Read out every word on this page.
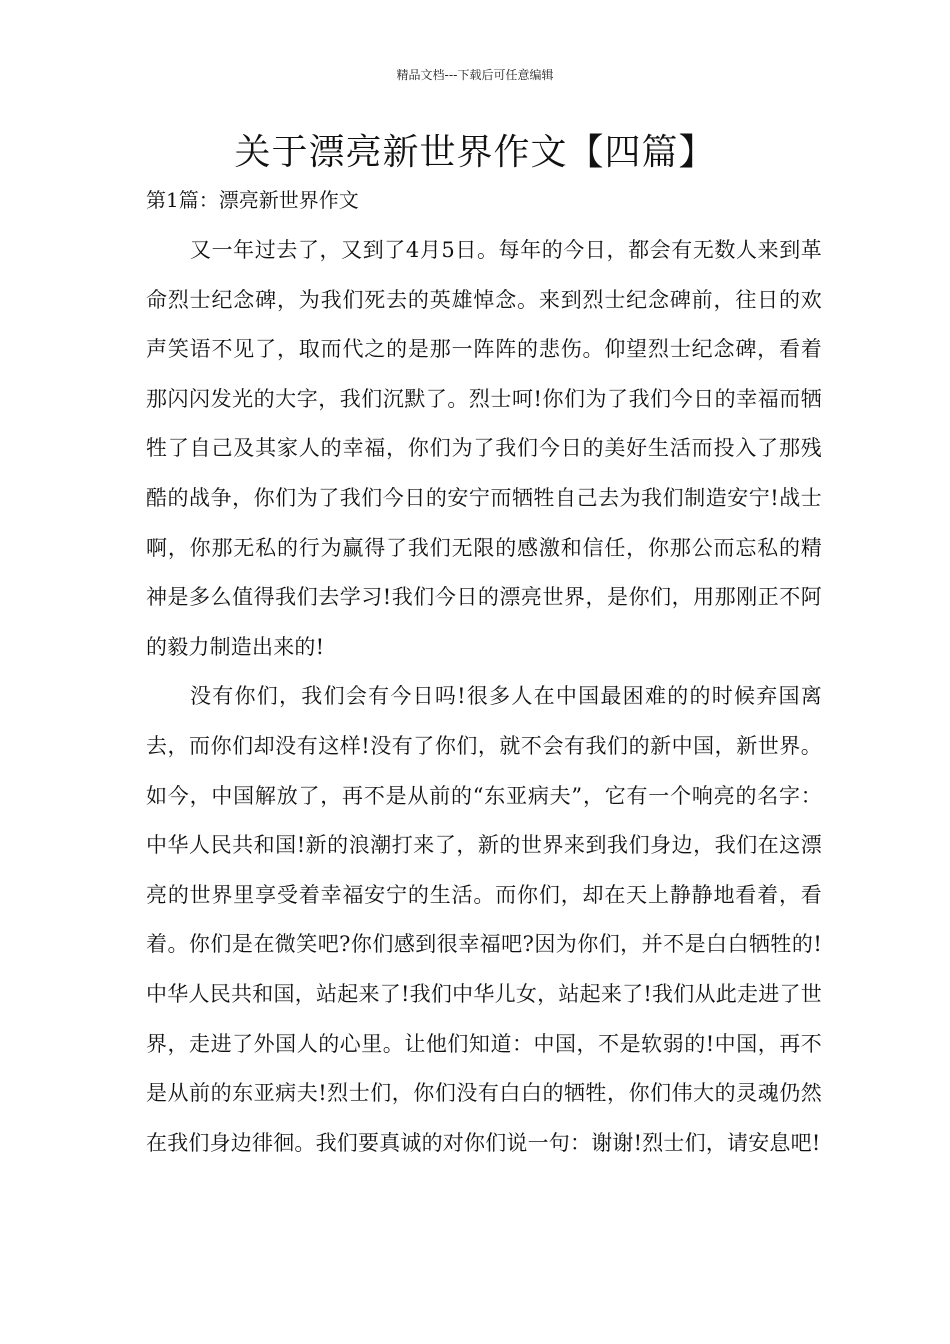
精品文档---下载后可任意编辑
关于漂亮新世界作文【四篇】
第1篇：漂亮新世界作文

又一年过去了，又到了4月5日。每年的今日，都会有无数人来到革命烈士纪念碑，为我们死去的英雄悼念。来到烈士纪念碑前，往日的欢声笑语不见了，取而代之的是那一阵阵的悲伤。仰望烈士纪念碑，看着那闪闪发光的大字，我们沉默了。烈士呵!你们为了我们今日的幸福而牺牲了自己及其家人的幸福，你们为了我们今日的美好生活而投入了那残酷的战争，你们为了我们今日的安宁而牺牲自己去为我们制造安宁!战士啊，你那无私的行为赢得了我们无限的感激和信任，你那公而忘私的精神是多么值得我们去学习!我们今日的漂亮世界，是你们，用那刚正不阿的毅力制造出来的!

没有你们，我们会有今日吗!很多人在中国最困难的的时候弃国离去，而你们却没有这样!没有了你们，就不会有我们的新中国，新世界。如今，中国解放了，再不是从前的“东亚病夫”，它有一个响亮的名字：中华人民共和国!新的浪潮打来了，新的世界来到我们身边，我们在这漂亮的世界里享受着幸福安宁的生活。而你们，却在天上静静地看着，看着。你们是在微笑吧?你们感到很幸福吧?因为你们，并不是白白牺牲的!中华人民共和国，站起来了!我们中华儿女，站起来了!我们从此走进了世界，走进了外国人的心里。让他们知道：中国，不是软弱的!中国，再不是从前的东亚病夫!烈士们，你们没有白白的牺牲，你们伟大的灵魂仍然在我们身边徘徊。我们要真诚的对你们说一句：谢谢!烈士们，请安息吧!
